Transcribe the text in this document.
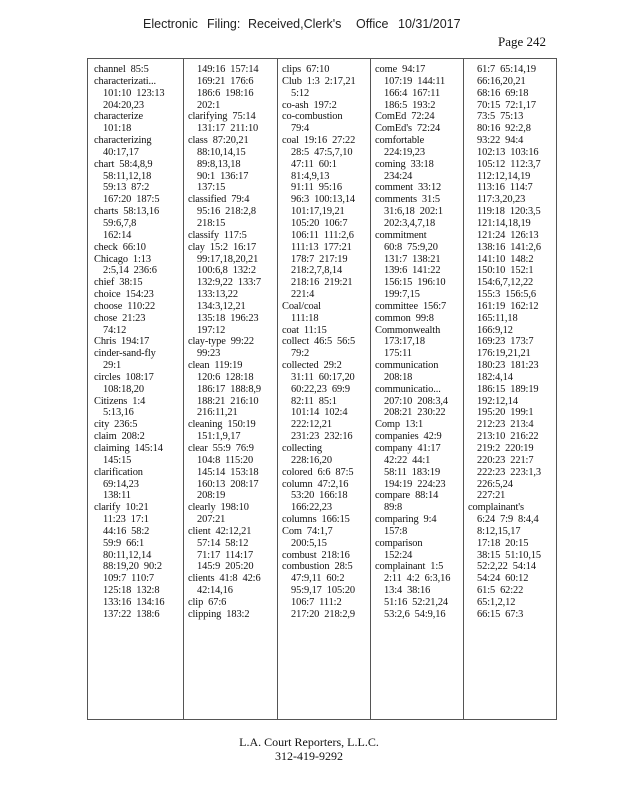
Electronic Filing: Received,Clerk's Office 10/31/2017
Page 242
channel  85:5
characterizati...
101:10  123:13
204:20,23
characterize
101:18
characterizing
40:17,17
chart  58:4,8,9
58:11,12,18
59:13  87:2
167:20  187:5
charts  58:13,16
59:6,7,8
162:14
check  66:10
Chicago  1:13
2:5,14  236:6
chief  38:15
choice  154:23
choose  110:22
chose  21:23
74:12
Chris  194:17
cinder-sand-fly
29:1
circles  108:17
108:18,20
Citizens  1:4
5:13,16
city  236:5
claim  208:2
claiming  145:14
145:15
clarification
69:14,23
138:11
clarify  10:21
11:23  17:1
44:16  58:2
59:9  66:1
80:11,12,14
88:19,20  90:2
109:7  110:7
125:18  132:8
133:16  134:16
137:22  138:6
149:16  157:14
169:21  176:6
186:6  198:16
202:1
clarifying  75:14
131:17  211:10
class  87:20,21
88:10,14,15
89:8,13,18
90:1  136:17
137:15
classified  79:4
95:16  218:2,8
218:15
classify  117:5
clay  15:2  16:17
99:17,18,20,21
100:6,8  132:2
132:9,22  133:7
133:13,22
134:3,12,21
135:18  196:23
197:12
clay-type  99:22
99:23
clean  119:19
120:6  128:18
186:17  188:8,9
188:21  216:10
216:11,21
cleaning  150:19
151:1,9,17
clear  55:9  76:9
104:8  115:20
145:14  153:18
160:13  208:17
208:19
clearly  198:10
207:21
client  42:12,21
57:14  58:12
71:17  114:17
145:9  205:20
clients  41:8  42:6
42:14,16
clip  67:6
clipping  183:2
clips  67:10
Club  1:3  2:17,21
5:12
co-ash  197:2
co-combustion
79:4
coal  19:16  27:22
28:5  47:5,7,10
47:11  60:1
81:4,9,13
91:11  95:16
96:3  100:13,14
101:17,19,21
105:20  106:7
106:11  111:2,6
111:13  177:21
178:7  217:19
218:2,7,8,14
218:16  219:21
221:4
Coal/coal
111:18
coat  11:15
collect  46:5  56:5
79:2
collected  29:2
31:11  60:17,20
60:22,23  69:9
82:11  85:1
101:14  102:4
222:12,21
231:23  232:16
collecting
228:16,20
colored  6:6  87:5
column  47:2,16
53:20  166:18
166:22,23
columns  166:15
Com  74:1,7
200:5,15
combust  218:16
combustion  28:5
47:9,11  60:2
95:9,17  105:20
106:7  111:2
217:20  218:2,9
come  94:17
107:19  144:11
166:4  167:11
186:5  193:2
ComEd  72:24
ComEd's  72:24
comfortable
224:19,23
coming  33:18
234:24
comment  33:12
comments  31:5
31:6,18  202:1
202:3,4,7,18
commitment
60:8  75:9,20
131:7  138:21
139:6  141:22
156:15  196:10
199:7,15
committee  156:7
common  99:8
Commonwealth
173:17,18
175:11
communication
208:18
communicatio...
207:10  208:3,4
208:21  230:22
Comp  13:1
companies  42:9
company  41:17
42:22  44:1
58:11  183:19
194:19  224:23
compare  88:14
89:8
comparing  9:4
157:8
comparison
152:24
complainant  1:5
2:11  4:2  6:3,16
13:4  38:16
51:16  52:21,24
53:2,6  54:9,16
61:7  65:14,19
66:16,20,21
68:16  69:18
70:15  72:1,17
73:5  75:13
80:16  92:2,8
93:22  94:4
102:13  103:16
105:12  112:3,7
112:12,14,19
113:16  114:7
117:3,20,23
119:18  120:3,5
121:14,18,19
121:24  126:13
138:16  141:2,6
141:10  148:2
150:10  152:1
154:6,7,12,22
155:3  156:5,6
161:19  162:12
165:11,18
166:9,12
169:23  173:7
176:19,21,21
180:23  181:23
182:4,14
186:15  189:19
192:12,14
195:20  199:1
212:23  213:4
213:10  216:22
219:2  220:19
220:23  221:7
222:23  223:1,3
226:5,24
227:21
complainant's
6:24  7:9  8:4,4
8:12,15,17
17:18  20:15
38:15  51:10,15
52:2,22  54:14
54:24  60:12
61:5  62:22
65:1,2,12
66:15  67:3
L.A. Court Reporters, L.L.C.
312-419-9292
